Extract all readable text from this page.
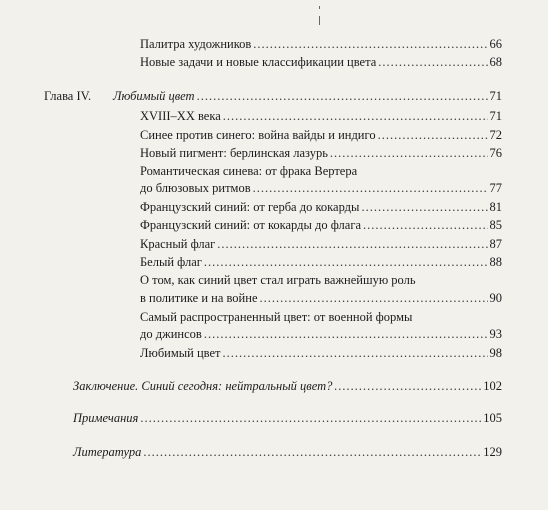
Палитра художников .....	66
Новые задачи и новые классификации цвета .....	68
Глава IV. Любимый цвет .....	71
XVIII–XX века .....	71
Синее против синего: война вайды и индиго .....	72
Новый пигмент: берлинская лазурь .....	76
Романтическая синева: от фрака Вертера
до блюзовых ритмов .....	77
Французский синий: от герба до кокарды .....	81
Французский синий: от кокарды до флага .....	85
Красный флаг .....	87
Белый флаг .....	88
О том, как синий цвет стал играть важнейшую роль
в политике и на войне .....	90
Самый распространенный цвет: от военной формы
до джинсов .....	93
Любимый цвет .....	98
Заключение. Синий сегодня: нейтральный цвет? .....	102
Примечания .....	105
Литература .....	129
